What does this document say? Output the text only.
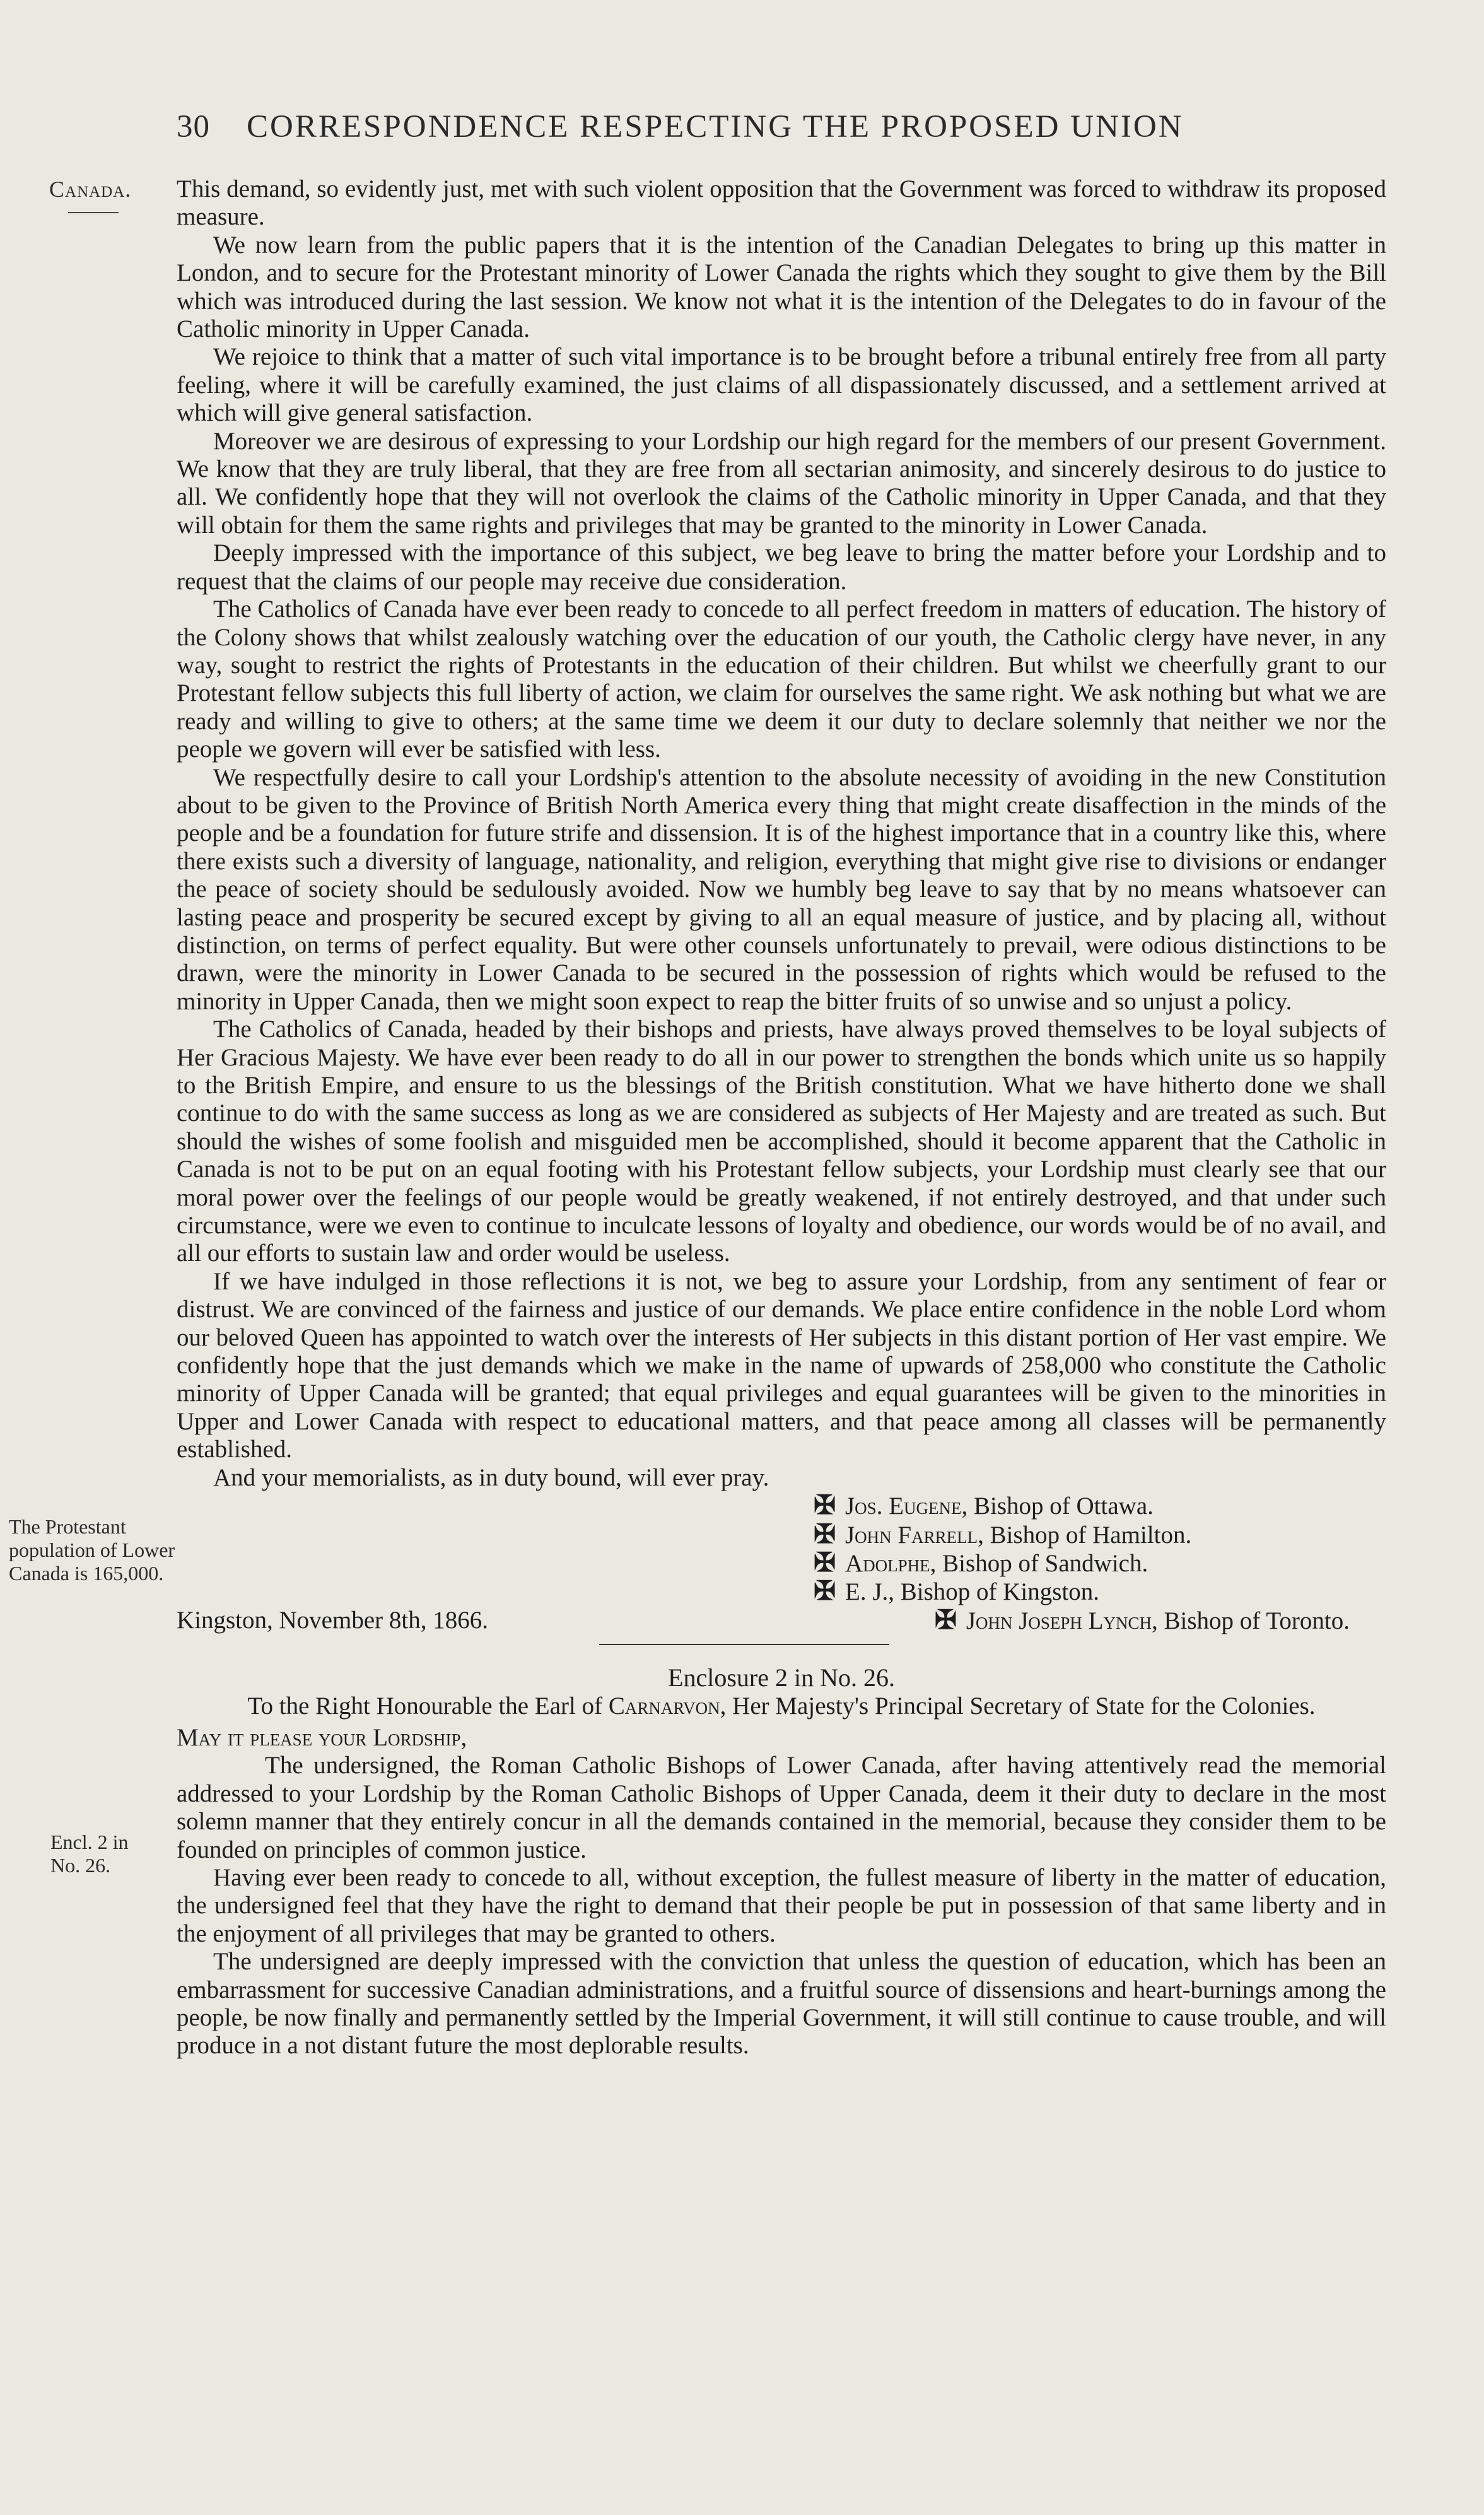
30 CORRESPONDENCE RESPECTING THE PROPOSED UNION
Canada.
The Protestant population of Lower Canada is 165,000.
Encl. 2 in No. 26.

This demand, so evidently just, met with such violent opposition that the Government was forced to withdraw its proposed measure.

We now learn from the public papers that it is the intention of the Canadian Delegates to bring up this matter in London, and to secure for the Protestant minority of Lower Canada the rights which they sought to give them by the Bill which was introduced during the last session. We know not what it is the intention of the Delegates to do in favour of the Catholic minority in Upper Canada.

We rejoice to think that a matter of such vital importance is to be brought before a tribunal entirely free from all party feeling, where it will be carefully examined, the just claims of all dispassionately discussed, and a settlement arrived at which will give general satisfaction.

Moreover we are desirous of expressing to your Lordship our high regard for the members of our present Government. We know that they are truly liberal, that they are free from all sectarian animosity, and sincerely desirous to do justice to all. We confidently hope that they will not overlook the claims of the Catholic minority in Upper Canada, and that they will obtain for them the same rights and privileges that may be granted to the minority in Lower Canada.

Deeply impressed with the importance of this subject, we beg leave to bring the matter before your Lordship and to request that the claims of our people may receive due consideration.

The Catholics of Canada have ever been ready to concede to all perfect freedom in matters of education. The history of the Colony shows that whilst zealously watching over the education of our youth, the Catholic clergy have never, in any way, sought to restrict the rights of Protestants in the education of their children. But whilst we cheerfully grant to our Protestant fellow subjects this full liberty of action, we claim for ourselves the same right. We ask nothing but what we are ready and willing to give to others; at the same time we deem it our duty to declare solemnly that neither we nor the people we govern will ever be satisfied with less.

We respectfully desire to call your Lordship's attention to the absolute necessity of avoiding in the new Constitution about to be given to the Province of British North America every thing that might create disaffection in the minds of the people and be a foundation for future strife and dissension. It is of the highest importance that in a country like this, where there exists such a diversity of language, nationality, and religion, everything that might give rise to divisions or endanger the peace of society should be sedulously avoided. Now we humbly beg leave to say that by no means whatsoever can lasting peace and prosperity be secured except by giving to all an equal measure of justice, and by placing all, without distinction, on terms of perfect equality. But were other counsels unfortunately to prevail, were odious distinctions to be drawn, were the minority in Lower Canada to be secured in the possession of rights which would be refused to the minority in Upper Canada, then we might soon expect to reap the bitter fruits of so unwise and so unjust a policy.

The Catholics of Canada, headed by their bishops and priests, have always proved themselves to be loyal subjects of Her Gracious Majesty. We have ever been ready to do all in our power to strengthen the bonds which unite us so happily to the British Empire, and ensure to us the blessings of the British constitution. What we have hitherto done we shall continue to do with the same success as long as we are considered as subjects of Her Majesty and are treated as such. But should the wishes of some foolish and misguided men be accomplished, should it become apparent that the Catholic in Canada is not to be put on an equal footing with his Protestant fellow subjects, your Lordship must clearly see that our moral power over the feelings of our people would be greatly weakened, if not entirely destroyed, and that under such circumstance, were we even to continue to inculcate lessons of loyalty and obedience, our words would be of no avail, and all our efforts to sustain law and order would be useless.

If we have indulged in those reflections it is not, we beg to assure your Lordship, from any sentiment of fear or distrust. We are convinced of the fairness and justice of our demands. We place entire confidence in the noble Lord whom our beloved Queen has appointed to watch over the interests of Her subjects in this distant portion of Her vast empire. We confidently hope that the just demands which we make in the name of upwards of 258,000 who constitute the Catholic minority of Upper Canada will be granted; that equal privileges and equal guarantees will be given to the minorities in Upper and Lower Canada with respect to educational matters, and that peace among all classes will be permanently established.

And your memorialists, as in duty bound, will ever pray.

✠ Jos. Eugene, Bishop of Ottawa.
✠ John Farrell, Bishop of Hamilton.
✠ Adolphe, Bishop of Sandwich.
✠ E. J., Bishop of Kingston.
Kingston, November 8th, 1866.	✠ John Joseph Lynch, Bishop of Toronto.

Enclosure 2 in No. 26.

To the Right Honourable the Earl of Carnarvon, Her Majesty's Principal Secretary of State for the Colonies.

May it please your Lordship,

The undersigned, the Roman Catholic Bishops of Lower Canada, after having attentively read the memorial addressed to your Lordship by the Roman Catholic Bishops of Upper Canada, deem it their duty to declare in the most solemn manner that they entirely concur in all the demands contained in the memorial, because they consider them to be founded on principles of common justice.

Having ever been ready to concede to all, without exception, the fullest measure of liberty in the matter of education, the undersigned feel that they have the right to demand that their people be put in possession of that same liberty and in the enjoyment of all privileges that may be granted to others.

The undersigned are deeply impressed with the conviction that unless the question of education, which has been an embarrassment for successive Canadian administrations, and a fruitful source of dissensions and heart-burnings among the people, be now finally and permanently settled by the Imperial Government, it will still continue to cause trouble, and will produce in a not distant future the most deplorable results.
